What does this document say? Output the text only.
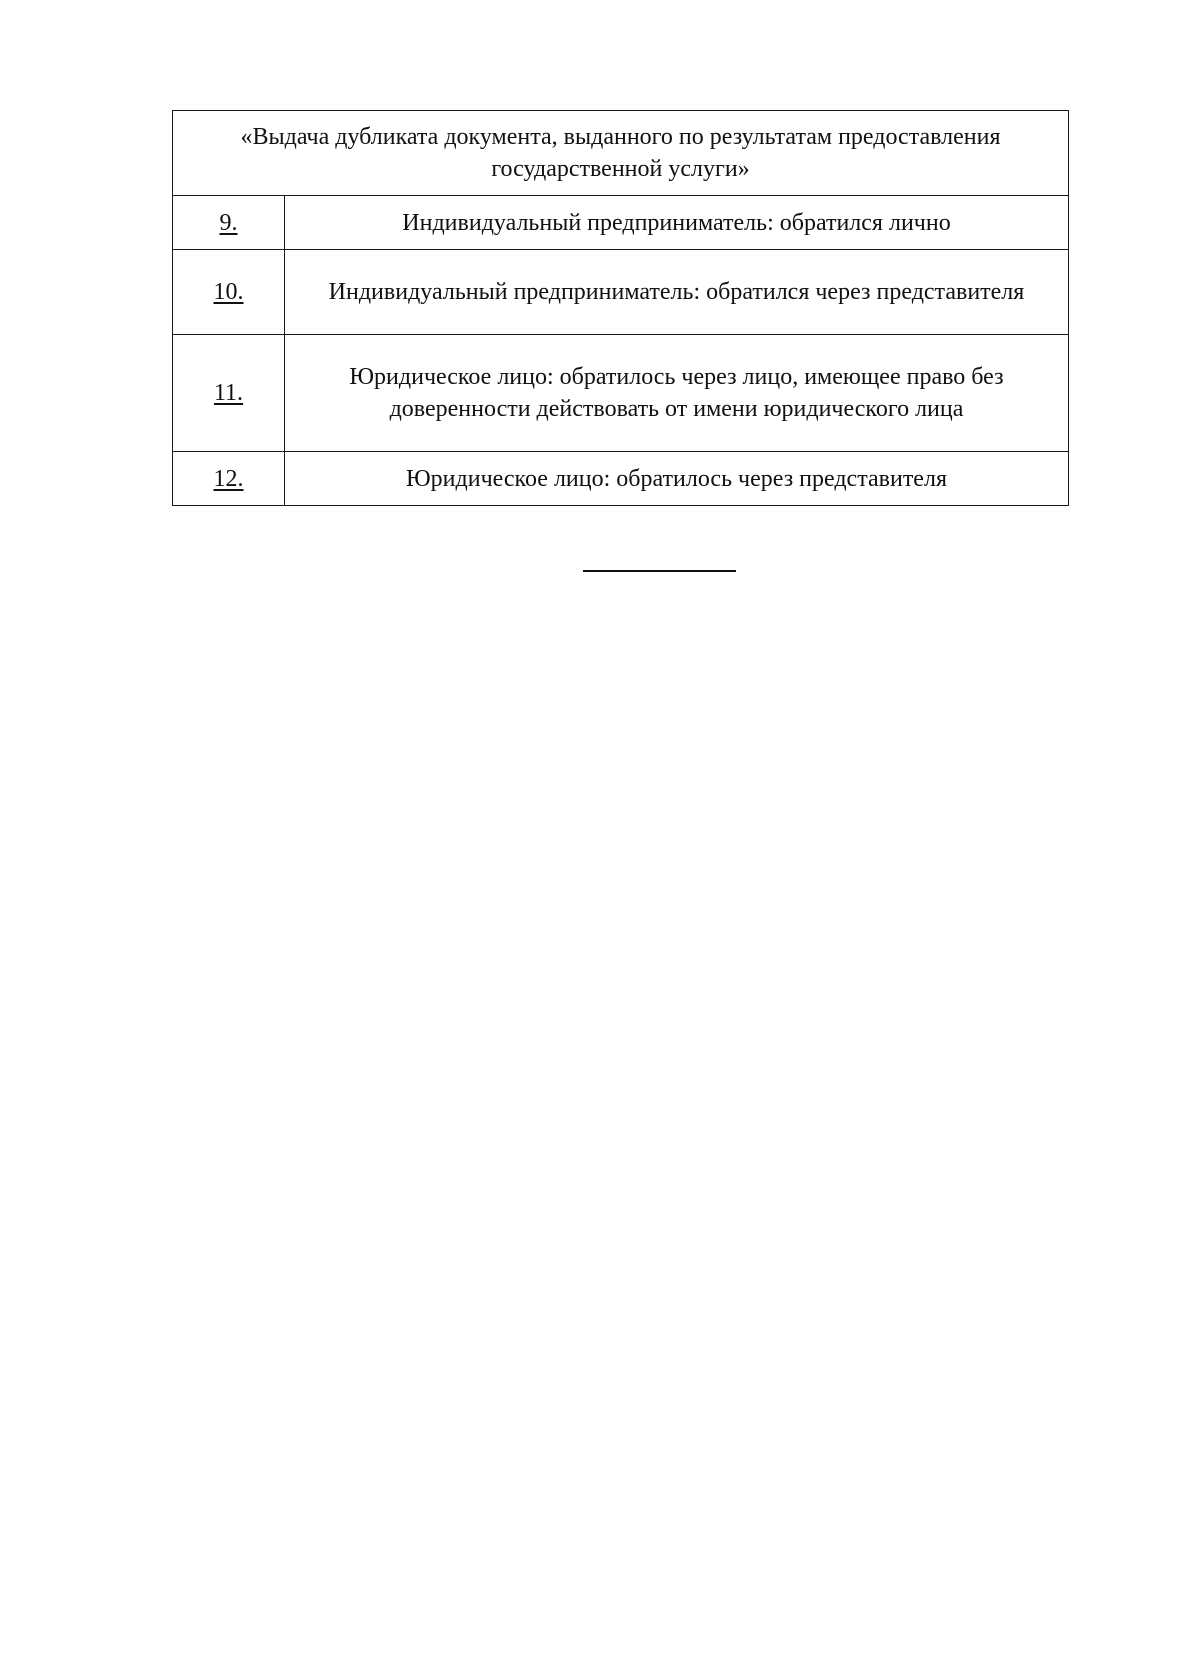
«Выдача дубликата документа, выданного по результатам предоставления государственной услуги»	
9.	Индивидуальный предприниматель: обратился лично
10.	Индивидуальный предприниматель: обратился через представителя
11.	Юридическое лицо: обратилось через лицо, имеющее право без доверенности действовать от имени юридического лица
12.	Юридическое лицо: обратилось через представителя
